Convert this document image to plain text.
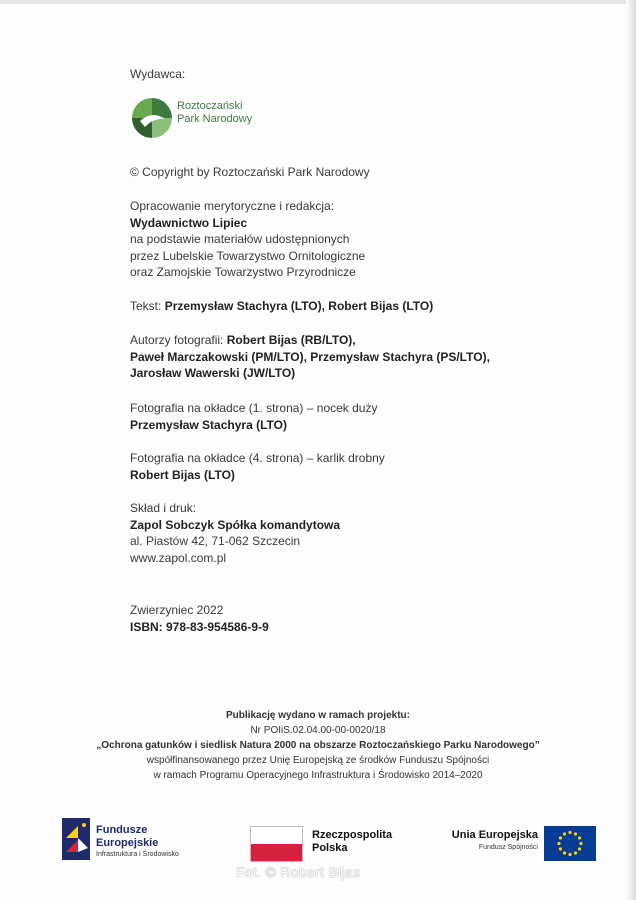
Wydawca:
Roztoczański
Park Narodowy
© Copyright by Roztoczański Park Narodowy
Opracowanie merytoryczne i redakcja:
Wydawnictwo Lipiec
na podstawie materiałów udostępnionych
przez Lubelskie Towarzystwo Ornitologiczne
oraz Zamojskie Towarzystwo Przyrodnicze
Tekst: Przemysław Stachyra (LTO), Robert Bijas (LTO)
Autorzy fotografii: Robert Bijas (RB/LTO),
Paweł Marczakowski (PM/LTO), Przemysław Stachyra (PS/LTO),
Jarosław Wawerski (JW/LTO)
Fotografia na okładce (1. strona) – nocek duży
Przemysław Stachyra (LTO)
Fotografia na okładce (4. strona) – karlik drobny
Robert Bijas (LTO)
Skład i druk:
Zapol Sobczyk Spółka komandytowa
al. Piastów 42, 71-062 Szczecin
www.zapol.com.pl
Zwierzyniec 2022
ISBN: 978-83-954586-9-9
Publikację wydano w ramach projektu:
Nr POIiS.02.04.00-00-0020/18
„Ochrona gatunków i siedlisk Natura 2000 na obszarze Roztoczańskiego Parku Narodowego”
współfinansowanego przez Unię Europejską ze środków Funduszu Spójności
w ramach Programu Operacyjnego Infrastruktura i Środowisko 2014–2020
Fundusze
Europejskie
Infrastruktura i Środowisko
Rzeczpospolita
Polska
Unia Europejska
Fundusz Spójności
Fot. © Robert Bijas
